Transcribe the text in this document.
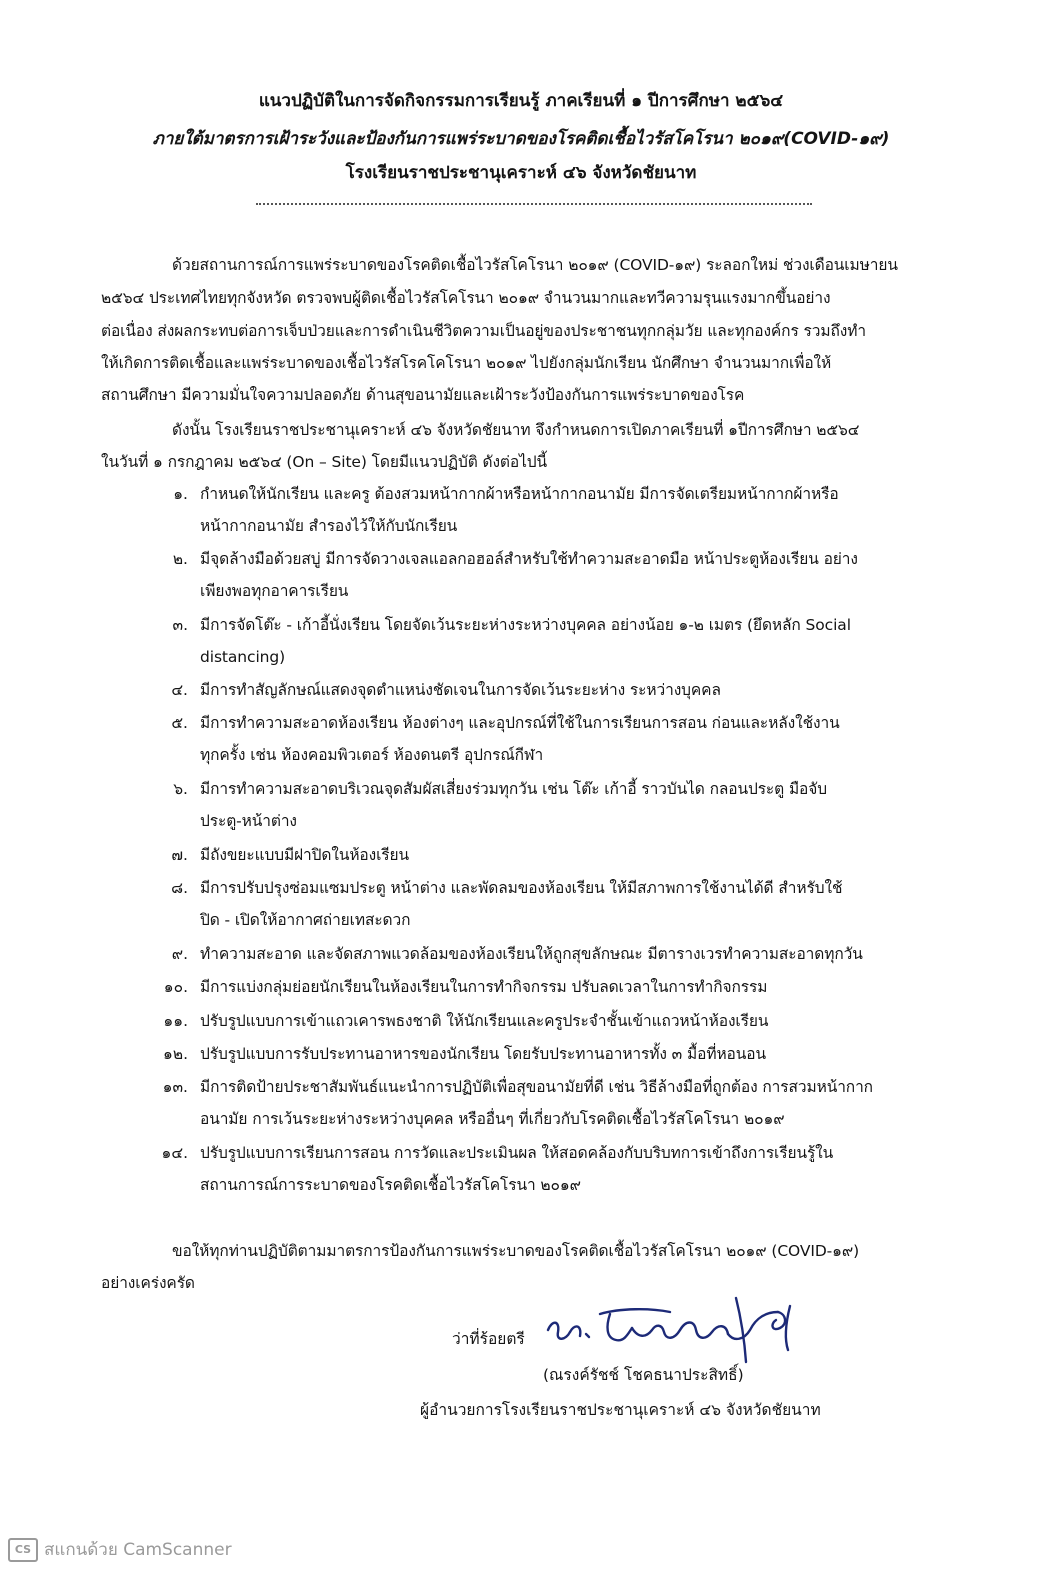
แนวปฏิบัติในการจัดกิจกรรมการเรียนรู้ ภาคเรียนที่ ๑ ปีการศึกษา ๒๕๖๔
ภายใต้มาตรการเฝ้าระวังและป้องกันการแพร่ระบาดของโรคติดเชื้อไวรัสโคโรนา ๒๐๑๙(COVID-๑๙)
โรงเรียนราชประชานุเคราะห์ ๔๖ จังหวัดชัยนาท
ด้วยสถานการณ์การแพร่ระบาดของโรคติดเชื้อไวรัสโคโรนา ๒๐๑๙ (COVID-๑๙) ระลอกใหม่ ช่วงเดือนเมษายน
๒๕๖๔ ประเทศไทยทุกจังหวัด ตรวจพบผู้ติดเชื้อไวรัสโคโรนา ๒๐๑๙ จำนวนมากและทวีความรุนแรงมากขึ้นอย่าง
ต่อเนื่อง ส่งผลกระทบต่อการเจ็บป่วยและการดำเนินชีวิตความเป็นอยู่ของประชาชนทุกกลุ่มวัย และทุกองค์กร รวมถึงทำ
ให้เกิดการติดเชื้อและแพร่ระบาดของเชื้อไวรัสโรคโคโรนา ๒๐๑๙ ไปยังกลุ่มนักเรียน นักศึกษา จำนวนมากเพื่อให้
สถานศึกษา มีความมั่นใจความปลอดภัย ด้านสุขอนามัยและเฝ้าระวังป้องกันการแพร่ระบาดของโรค
ดังนั้น โรงเรียนราชประชานุเคราะห์ ๔๖ จังหวัดชัยนาท จึงกำหนดการเปิดภาคเรียนที่ ๑ปีการศึกษา ๒๕๖๔
ในวันที่ ๑ กรกฎาคม ๒๕๖๔ (On – Site) โดยมีแนวปฏิบัติ ดังต่อไปนี้
๑. กำหนดให้นักเรียน และครู ต้องสวมหน้ากากผ้าหรือหน้ากากอนามัย มีการจัดเตรียมหน้ากากผ้าหรือ
หน้ากากอนามัย สำรองไว้ให้กับนักเรียน
๒. มีจุดล้างมือด้วยสบู่ มีการจัดวางเจลแอลกอฮอล์สำหรับใช้ทำความสะอาดมือ หน้าประตูห้องเรียน อย่าง
เพียงพอทุกอาคารเรียน
๓. มีการจัดโต๊ะ - เก้าอี้นั่งเรียน โดยจัดเว้นระยะห่างระหว่างบุคคล อย่างน้อย ๑-๒ เมตร (ยึดหลัก Social
distancing)
๔. มีการทำสัญลักษณ์แสดงจุดตำแหน่งชัดเจนในการจัดเว้นระยะห่าง ระหว่างบุคคล
๕. มีการทำความสะอาดห้องเรียน ห้องต่างๆ และอุปกรณ์ที่ใช้ในการเรียนการสอน ก่อนและหลังใช้งาน
ทุกครั้ง เช่น ห้องคอมพิวเตอร์ ห้องดนตรี อุปกรณ์กีฬา
๖. มีการทำความสะอาดบริเวณจุดสัมผัสเสี่ยงร่วมทุกวัน เช่น โต๊ะ เก้าอี้ ราวบันได กลอนประตู มือจับ
ประตู-หน้าต่าง
๗. มีถังขยะแบบมีฝาปิดในห้องเรียน
๘. มีการปรับปรุงซ่อมแซมประตู หน้าต่าง และพัดลมของห้องเรียน ให้มีสภาพการใช้งานได้ดี สำหรับใช้
ปิด - เปิดให้อากาศถ่ายเทสะดวก
๙. ทำความสะอาด และจัดสภาพแวดล้อมของห้องเรียนให้ถูกสุขลักษณะ มีตารางเวรทำความสะอาดทุกวัน
๑๐. มีการแบ่งกลุ่มย่อยนักเรียนในห้องเรียนในการทำกิจกรรม ปรับลดเวลาในการทำกิจกรรม
๑๑. ปรับรูปแบบการเข้าแถวเคารพธงชาติ ให้นักเรียนและครูประจำชั้นเข้าแถวหน้าห้องเรียน
๑๒. ปรับรูปแบบการรับประทานอาหารของนักเรียน โดยรับประทานอาหารทั้ง ๓ มื้อที่หอนอน
๑๓. มีการติดป้ายประชาสัมพันธ์แนะนำการปฏิบัติเพื่อสุขอนามัยที่ดี เช่น วิธีล้างมือที่ถูกต้อง การสวมหน้ากาก
อนามัย การเว้นระยะห่างระหว่างบุคคล หรืออื่นๆ ที่เกี่ยวกับโรคติดเชื้อไวรัสโคโรนา ๒๐๑๙
๑๔. ปรับรูปแบบการเรียนการสอน การวัดและประเมินผล ให้สอดคล้องกับบริบทการเข้าถึงการเรียนรู้ใน
สถานการณ์การระบาดของโรคติดเชื้อไวรัสโคโรนา ๒๐๑๙
ขอให้ทุกท่านปฏิบัติตามมาตรการป้องกันการแพร่ระบาดของโรคติดเชื้อไวรัสโคโรนา ๒๐๑๙ (COVID-๑๙)
อย่างเคร่งครัด
ว่าที่ร้อยตรี
(ณรงค์รัชช์ โชคธนาประสิทธิ์)
ผู้อำนวยการโรงเรียนราชประชานุเคราะห์ ๔๖ จังหวัดชัยนาท
CS สแกนด้วย CamScanner
